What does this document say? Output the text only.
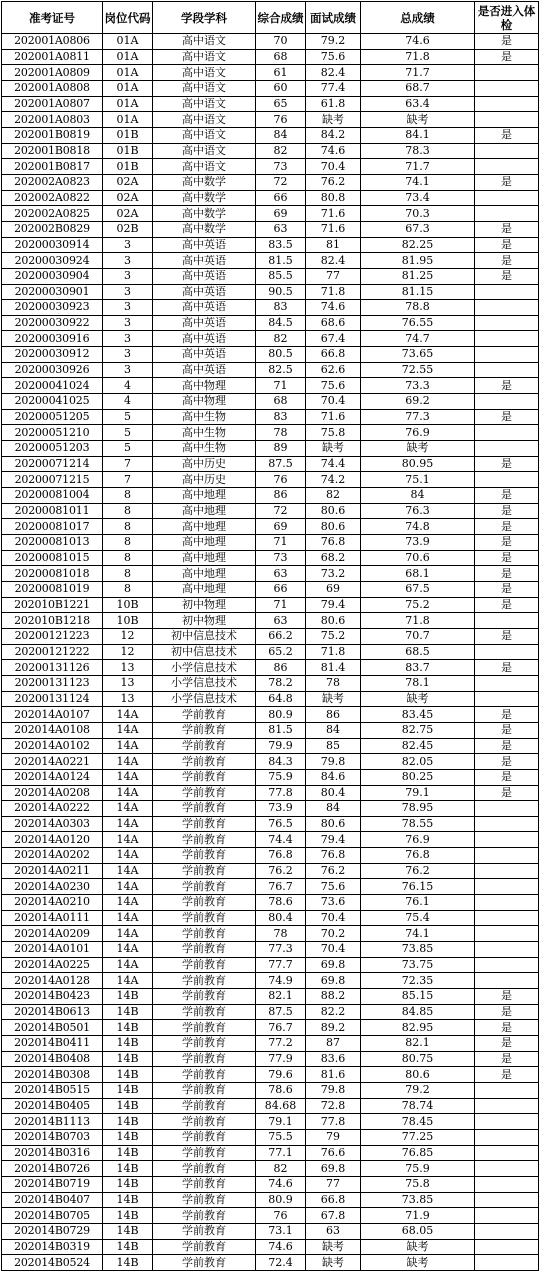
准考证号	岗位代码	学段学科	综合成绩	面试成绩	总成绩	是否进入体检
202001A0806	01A	高中语文	70	79.2	74.6	是
202001A0811	01A	高中语文	68	75.6	71.8	是
202001A0809	01A	高中语文	61	82.4	71.7	
202001A0808	01A	高中语文	60	77.4	68.7	
202001A0807	01A	高中语文	65	61.8	63.4	
202001A0803	01A	高中语文	76	缺考	缺考	
202001B0819	01B	高中语文	84	84.2	84.1	是
202001B0818	01B	高中语文	82	74.6	78.3	
202001B0817	01B	高中语文	73	70.4	71.7	
202002A0823	02A	高中数学	72	76.2	74.1	是
202002A0822	02A	高中数学	66	80.8	73.4	
202002A0825	02A	高中数学	69	71.6	70.3	
202002B0829	02B	高中数学	63	71.6	67.3	是
20200030914	3	高中英语	83.5	81	82.25	是
20200030924	3	高中英语	81.5	82.4	81.95	是
20200030904	3	高中英语	85.5	77	81.25	是
20200030901	3	高中英语	90.5	71.8	81.15	
20200030923	3	高中英语	83	74.6	78.8	
20200030922	3	高中英语	84.5	68.6	76.55	
20200030916	3	高中英语	82	67.4	74.7	
20200030912	3	高中英语	80.5	66.8	73.65	
20200030926	3	高中英语	82.5	62.6	72.55	
20200041024	4	高中物理	71	75.6	73.3	是
20200041025	4	高中物理	68	70.4	69.2	
20200051205	5	高中生物	83	71.6	77.3	是
20200051210	5	高中生物	78	75.8	76.9	
20200051203	5	高中生物	89	缺考	缺考	
20200071214	7	高中历史	87.5	74.4	80.95	是
20200071215	7	高中历史	76	74.2	75.1	
20200081004	8	高中地理	86	82	84	是
20200081011	8	高中地理	72	80.6	76.3	是
20200081017	8	高中地理	69	80.6	74.8	是
20200081013	8	高中地理	71	76.8	73.9	是
20200081015	8	高中地理	73	68.2	70.6	是
20200081018	8	高中地理	63	73.2	68.1	是
20200081019	8	高中地理	66	69	67.5	是
202010B1221	10B	初中物理	71	79.4	75.2	是
202010B1218	10B	初中物理	63	80.6	71.8	
20200121223	12	初中信息技术	66.2	75.2	70.7	是
20200121222	12	初中信息技术	65.2	71.8	68.5	
20200131126	13	小学信息技术	86	81.4	83.7	是
20200131123	13	小学信息技术	78.2	78	78.1	
20200131124	13	小学信息技术	64.8	缺考	缺考	
202014A0107	14A	学前教育	80.9	86	83.45	是
202014A0108	14A	学前教育	81.5	84	82.75	是
202014A0102	14A	学前教育	79.9	85	82.45	是
202014A0221	14A	学前教育	84.3	79.8	82.05	是
202014A0124	14A	学前教育	75.9	84.6	80.25	是
202014A0208	14A	学前教育	77.8	80.4	79.1	是
202014A0222	14A	学前教育	73.9	84	78.95	
202014A0303	14A	学前教育	76.5	80.6	78.55	
202014A0120	14A	学前教育	74.4	79.4	76.9	
202014A0202	14A	学前教育	76.8	76.8	76.8	
202014A0211	14A	学前教育	76.2	76.2	76.2	
202014A0230	14A	学前教育	76.7	75.6	76.15	
202014A0210	14A	学前教育	78.6	73.6	76.1	
202014A0111	14A	学前教育	80.4	70.4	75.4	
202014A0209	14A	学前教育	78	70.2	74.1	
202014A0101	14A	学前教育	77.3	70.4	73.85	
202014A0225	14A	学前教育	77.7	69.8	73.75	
202014A0128	14A	学前教育	74.9	69.8	72.35	
202014B0423	14B	学前教育	82.1	88.2	85.15	是
202014B0613	14B	学前教育	87.5	82.2	84.85	是
202014B0501	14B	学前教育	76.7	89.2	82.95	是
202014B0411	14B	学前教育	77.2	87	82.1	是
202014B0408	14B	学前教育	77.9	83.6	80.75	是
202014B0308	14B	学前教育	79.6	81.6	80.6	是
202014B0515	14B	学前教育	78.6	79.8	79.2	
202014B0405	14B	学前教育	84.68	72.8	78.74	
202014B1113	14B	学前教育	79.1	77.8	78.45	
202014B0703	14B	学前教育	75.5	79	77.25	
202014B0316	14B	学前教育	77.1	76.6	76.85	
202014B0726	14B	学前教育	82	69.8	75.9	
202014B0719	14B	学前教育	74.6	77	75.8	
202014B0407	14B	学前教育	80.9	66.8	73.85	
202014B0705	14B	学前教育	76	67.8	71.9	
202014B0729	14B	学前教育	73.1	63	68.05	
202014B0319	14B	学前教育	74.6	缺考	缺考	
202014B0524	14B	学前教育	72.4	缺考	缺考	
